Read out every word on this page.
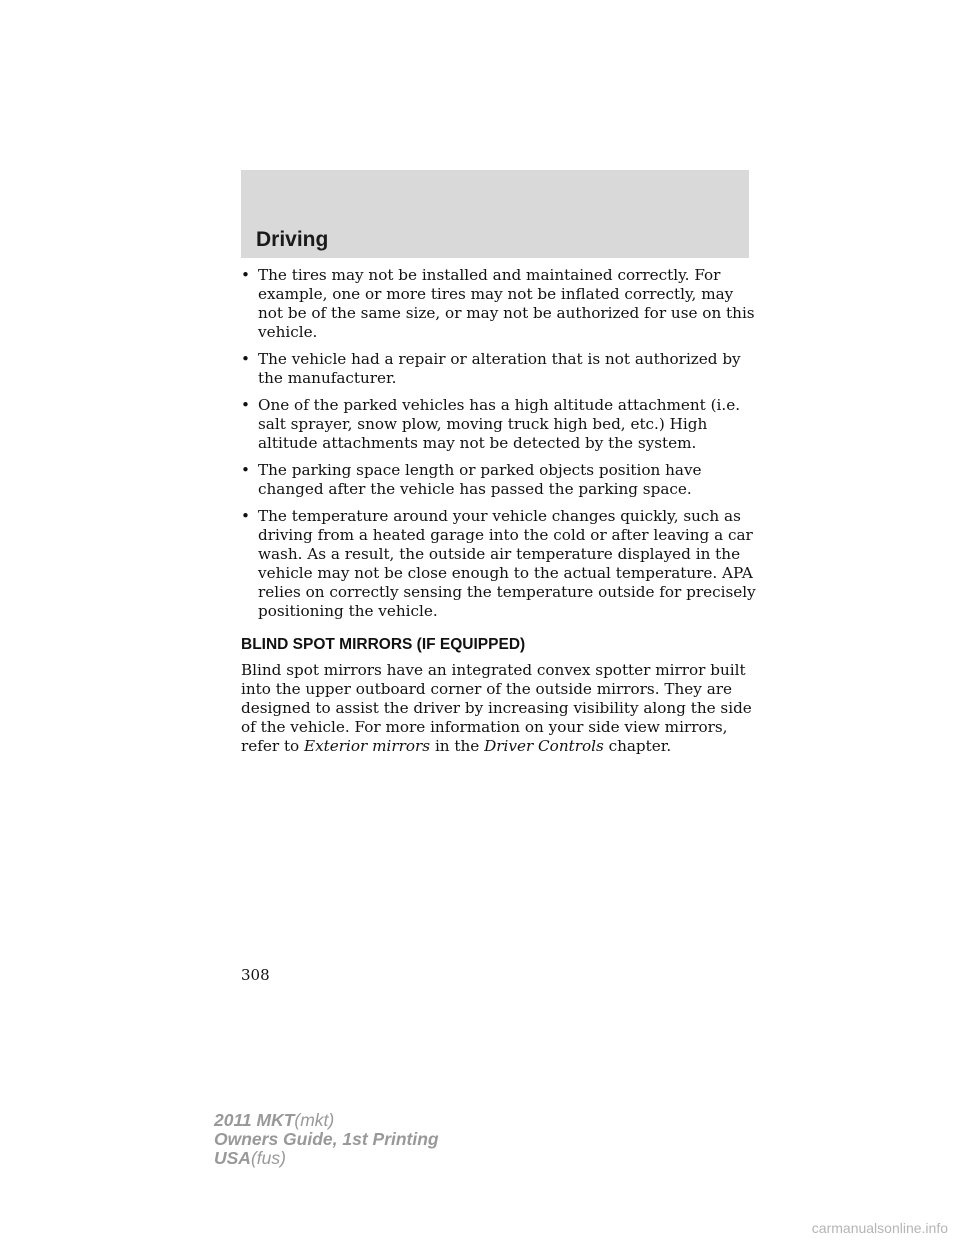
Driving
• The tires may not be installed and maintained correctly. For example, one or more tires may not be inflated correctly, may not be of the same size, or may not be authorized for use on this vehicle.
• The vehicle had a repair or alteration that is not authorized by the manufacturer.
• One of the parked vehicles has a high altitude attachment (i.e. salt sprayer, snow plow, moving truck high bed, etc.) High altitude attachments may not be detected by the system.
• The parking space length or parked objects position have changed after the vehicle has passed the parking space.
• The temperature around your vehicle changes quickly, such as driving from a heated garage into the cold or after leaving a car wash. As a result, the outside air temperature displayed in the vehicle may not be close enough to the actual temperature. APA relies on correctly sensing the temperature outside for precisely positioning the vehicle.
BLIND SPOT MIRRORS (IF EQUIPPED)

Blind spot mirrors have an integrated convex spotter mirror built into the upper outboard corner of the outside mirrors. They are designed to assist the driver by increasing visibility along the side of the vehicle. For more information on your side view mirrors, refer to Exterior mirrors in the Driver Controls chapter.

308
2011 MKT(mkt)
Owners Guide, 1st Printing
USA(fus)
carmanualsonline.info
